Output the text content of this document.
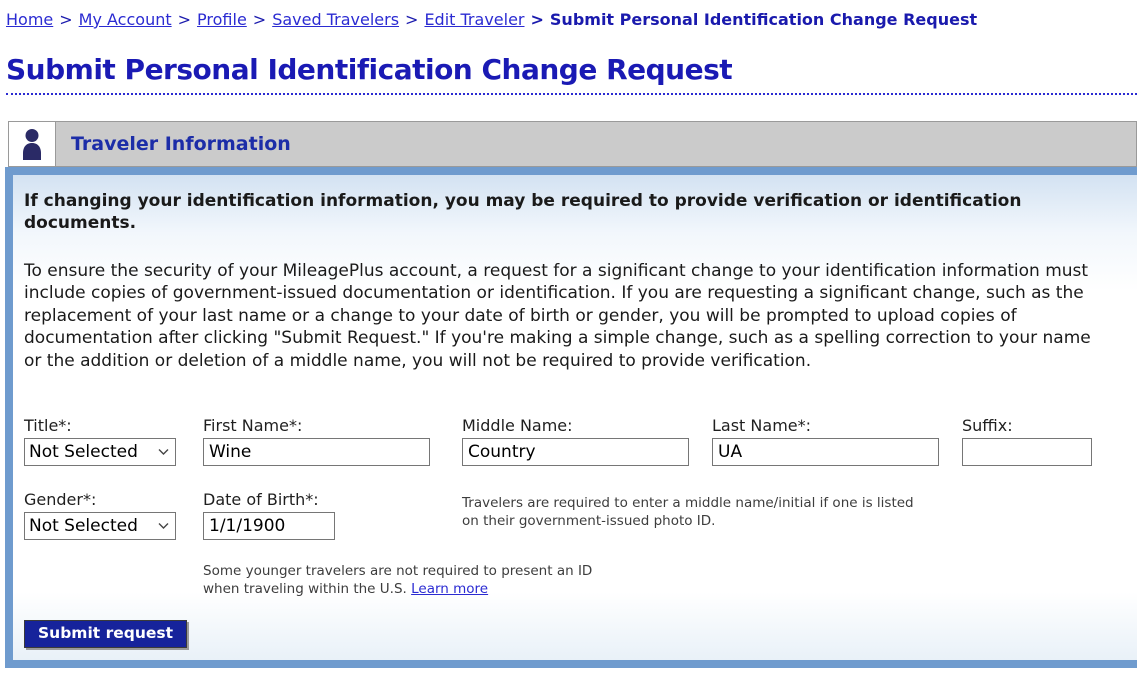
Home > My Account > Profile > Saved Travelers > Edit Traveler > Submit Personal Identification Change Request
Submit Personal Identification Change Request
Traveler Information

If changing your identification information, you may be required to provide verification or identification documents.

To ensure the security of your MileagePlus account, a request for a significant change to your identification information must include copies of government-issued documentation or identification. If you are requesting a significant change, such as the replacement of your last name or a change to your date of birth or gender, you will be prompted to upload copies of documentation after clicking "Submit Request." If you're making a simple change, such as a spelling correction to your name or the addition or deletion of a middle name, you will not be required to provide verification.

Title*:
Not Selected	First Name*:
Wine	Middle Name:
Country	Last Name*:
UA	Suffix:
Gender*:
Not Selected	Date of Birth*:
1/1/1900	Travelers are required to enter a middle name/initial if one is listed on their government-issued photo ID.

Some younger travelers are not required to present an ID when traveling within the U.S. Learn more

Submit request
